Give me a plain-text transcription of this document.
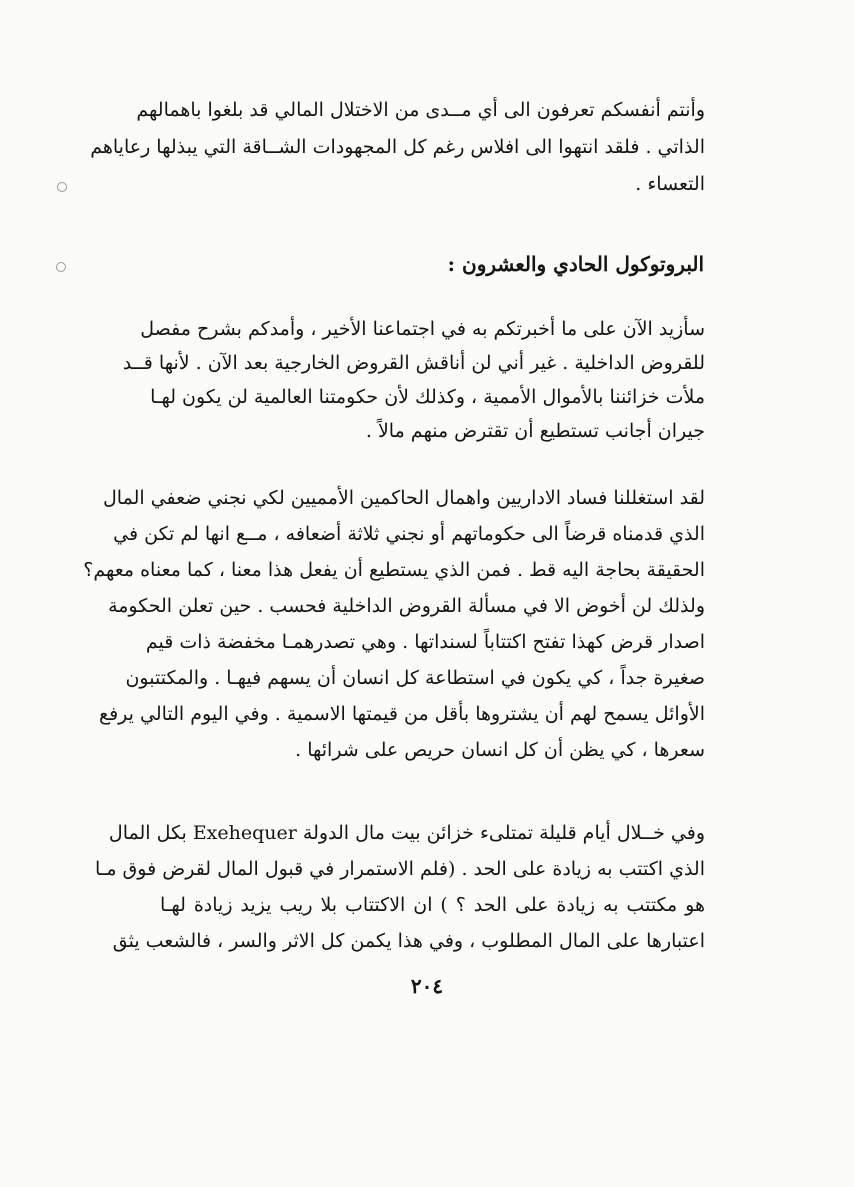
وأنتم أنفسكم تعرفون الى أي مــدى من الاختلال المالي قد بلغوا باهمالهم
الذاتي . فلقد انتهوا الى افلاس رغم كل المجهودات الشــاقة التي يبذلها رعاياهم
التعساء .
البروتوكول الحادي والعشرون :
سأزيد الآن على ما أخبرتكم به في اجتماعنا الأخير ، وأمدكم بشرح مفصل
للقروض الداخلية . غير أني لن أناقش القروض الخارجية بعد الآن . لأنها قــد
ملأت خزائننا بالأموال الأممية ، وكذلك لأن حكومتنا العالمية لن يكون لهـا
جيران أجانب تستطيع أن تقترض منهم مالاً .
لقد استغللنا فساد الاداريين واهمال الحاكمين الأمميين لكي نجني ضعفي المال
الذي قدمناه قرضاً الى حكوماتهم أو نجني ثلاثة أضعافه ، مــع انها لم تكن في
الحقيقة بحاجة اليه قط . فمن الذي يستطيع أن يفعل هذا معنا ، كما معناه معهم؟
ولذلك لن أخوض الا في مسألة القروض الداخلية فحسب . حين تعلن الحكومة
اصدار قرض كهذا تفتح اكتتاباً لسنداتها . وهي تصدرهمـا مخفضة ذات قيم
صغيرة جداً ، كي يكون في استطاعة كل انسان أن يسهم فيهـا . والمكتتبون
الأوائل يسمح لهم أن يشتروها بأقل من قيمتها الاسمية . وفي اليوم التالي يرفع
سعرها ، كي يظن أن كل انسان حريص على شرائها .
وفي خــلال أيام قليلة تمتلىء خزائن بيت مال الدولة Exehequer بكل المال
الذي اكتتب به زيادة على الحد . (فلم الاستمرار في قبول المال لقرض فوق مـا
هو مكتتب به زيادة على الحد ؟ ) ان الاكتتاب بلا ريب يزيد زيادة لهـا
اعتبارها على المال المطلوب ، وفي هذا يكمن كل الاثر والسر ، فالشعب يثق
٢٠٤
